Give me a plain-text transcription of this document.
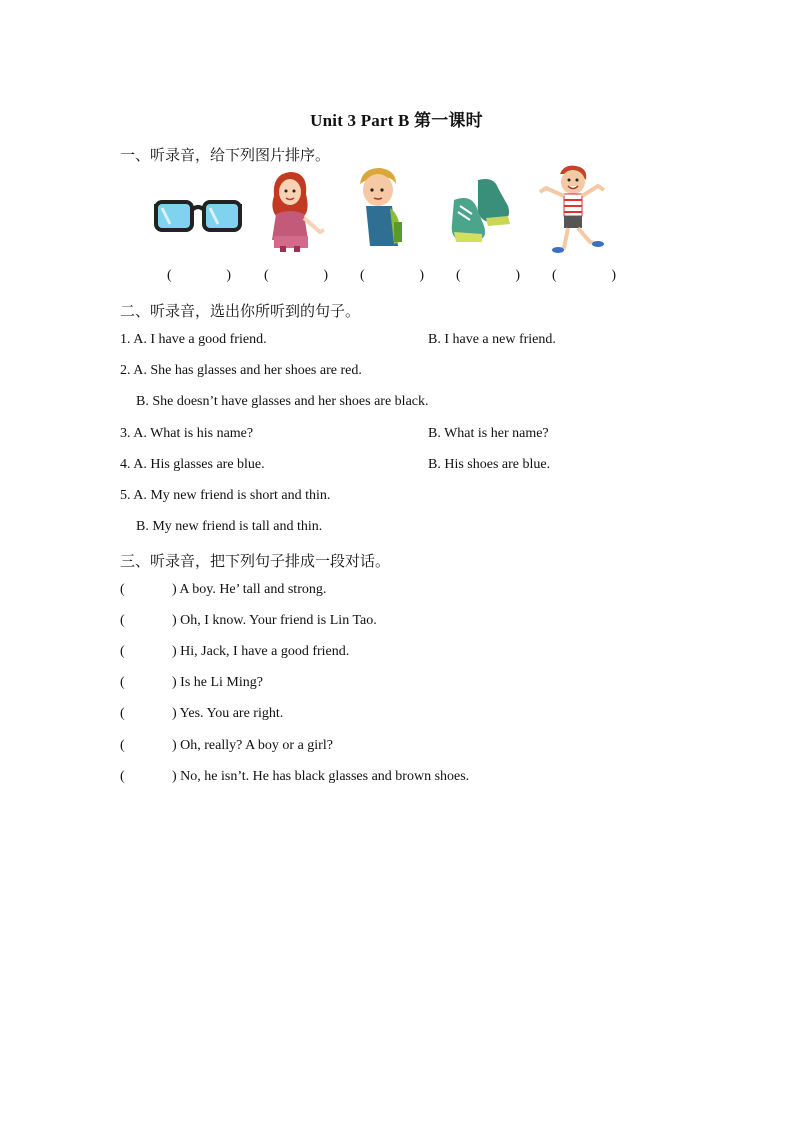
Unit 3 Part B 第一课时
一、听录音，给下列图片排序。
(	) (	) (	) (	) (	)
二、听录音，选出你所听到的句子。
1. A. I have a good friend.	B. I have a new friend.
2. A. She has glasses and her shoes are red.
B. She doesn’t have glasses and her shoes are black.
3. A. What is his name?	B. What is her name?
4. A. His glasses are blue.	B. His shoes are blue.
5. A. My new friend is short and thin.
B. My new friend is tall and thin.
三、听录音，把下列句子排成一段对话。
(	) A boy. He’ tall and strong.
(	) Oh, I know. Your friend is Lin Tao.
(	) Hi, Jack, I have a good friend.
(	) Is he Li Ming?
(	) Yes. You are right.
(	) Oh, really? A boy or a girl?
(	) No, he isn’t. He has black glasses and brown shoes.
